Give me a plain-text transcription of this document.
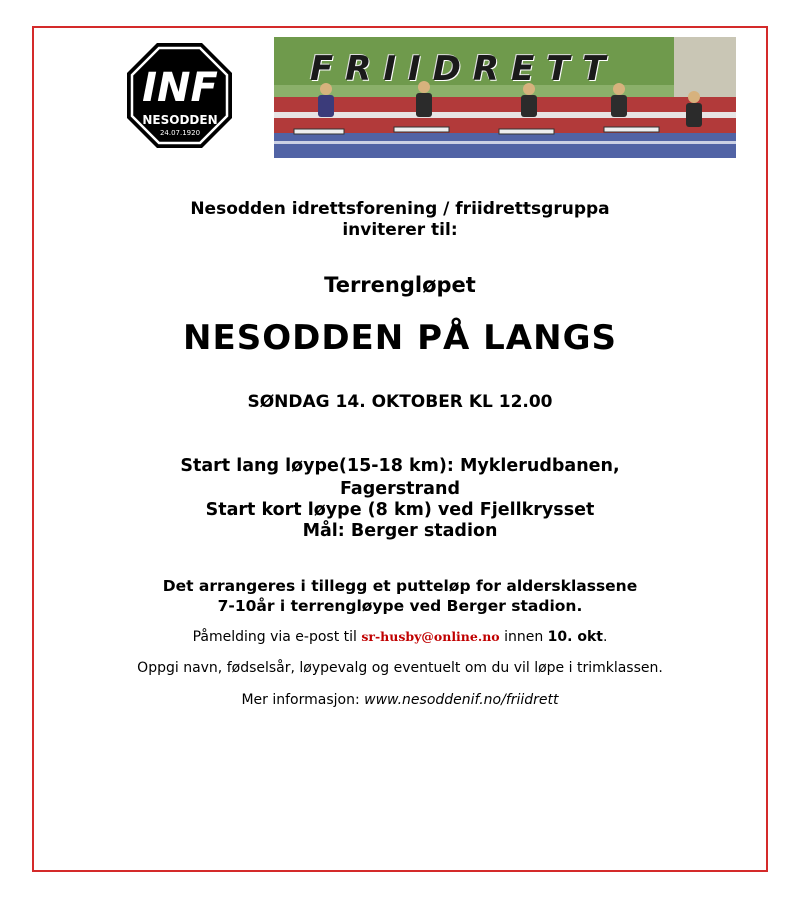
INF
NESODDEN
24.07.1920
FRIIDRETT
Nesodden idrettsforening / friidrettsgruppa
inviterer til:
Terrengløpet
NESODDEN PÅ LANGS
SØNDAG 14. OKTOBER KL 12.00
Start lang løype(15-18 km): Myklerudbanen,
Fagerstrand
Start kort løype (8 km) ved Fjellkrysset
Mål: Berger stadion
Det arrangeres i tillegg et putteløp for aldersklassene
7-10år i terrengløype ved Berger stadion.
Påmelding via e-post til sr-husby@online.no innen 10. okt.
Oppgi navn, fødselsår, løypevalg og eventuelt om du vil løpe i trimklassen.
Mer informasjon: www.nesoddenif.no/friidrett
